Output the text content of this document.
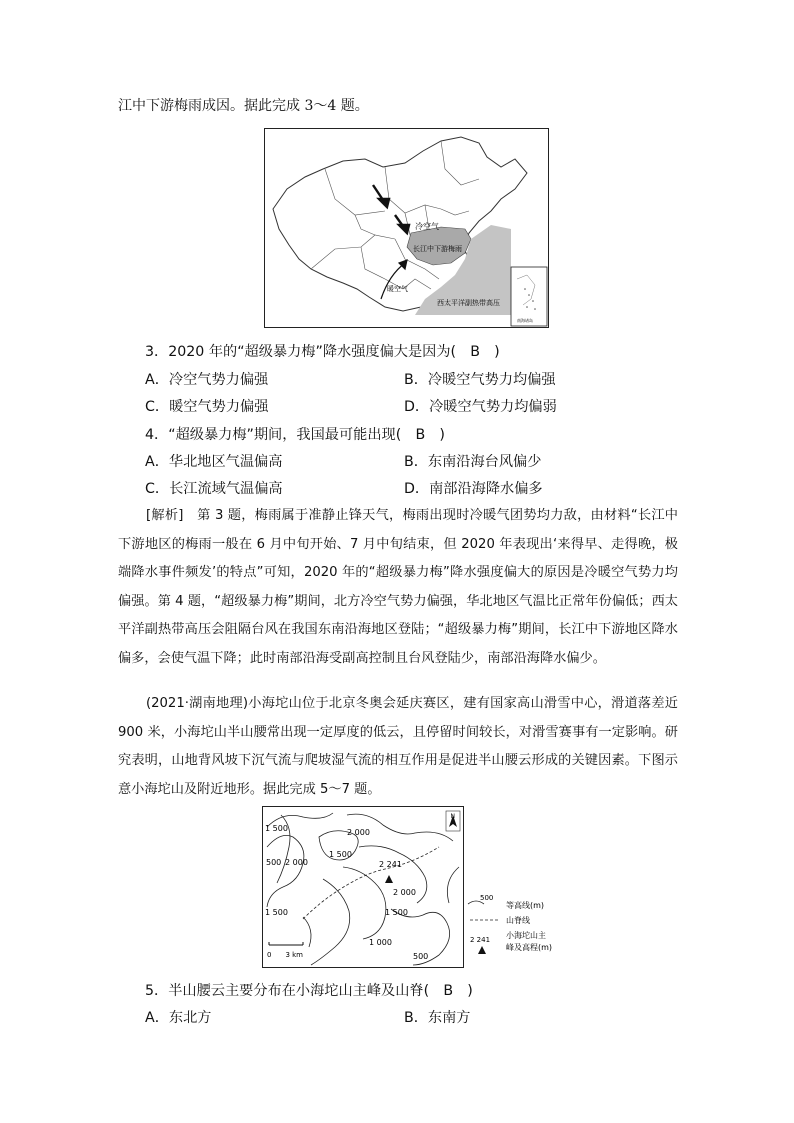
江中下游梅雨成因。据此完成 3～4 题。
冷空气
长江中下游梅雨
暖空气
西太平洋副热带高压
南海诸岛
3．2020 年的“超级暴力梅”降水强度偏大是因为(　B　)
A．冷空气势力偏强	B．冷暖空气势力均偏强
C．暖空气势力偏强	D．冷暖空气势力均偏弱
4．“超级暴力梅”期间，我国最可能出现(　B　)
A．华北地区气温偏高	B．东南沿海台风偏少
C．长江流域气温偏高	D．南部沿海降水偏多
[解析]　第 3 题，梅雨属于准静止锋天气，梅雨出现时冷暖气团势均力敌，由材料“长江中下游地区的梅雨一般在 6 月中旬开始、7 月中旬结束，但 2020 年表现出‘来得早、走得晚，极端降水事件频发’的特点”可知，2020 年的“超级暴力梅”降水强度偏大的原因是冷暖空气势力均偏强。第 4 题，“超级暴力梅”期间，北方冷空气势力偏强，华北地区气温比正常年份偏低；西太平洋副热带高压会阻隔台风在我国东南沿海地区登陆；“超级暴力梅”期间，长江中下游地区降水偏多，会使气温下降；此时南部沿海受副高控制且台风登陆少，南部沿海降水偏少。
(2021·湖南地理)小海坨山位于北京冬奥会延庆赛区，建有国家高山滑雪中心，滑道落差近 900 米，小海坨山半山腰常出现一定厚度的低云，且停留时间较长，对滑雪赛事有一定影响。研究表明，山地背风坡下沉气流与爬坡湿气流的相互作用是促进半山腰云形成的关键因素。下图示意小海坨山及附近地形。据此完成 5～7 题。
N
1 500	2 000
500 2 000
1 500
2 241
2 000
1 500	1 500
1 000
500
0　　3 km
500
等高线(m)
山脊线
2 241 小海坨山主
峰及高程(m)
5．半山腰云主要分布在小海坨山主峰及山脊(　B　)
A．东北方	B．东南方
